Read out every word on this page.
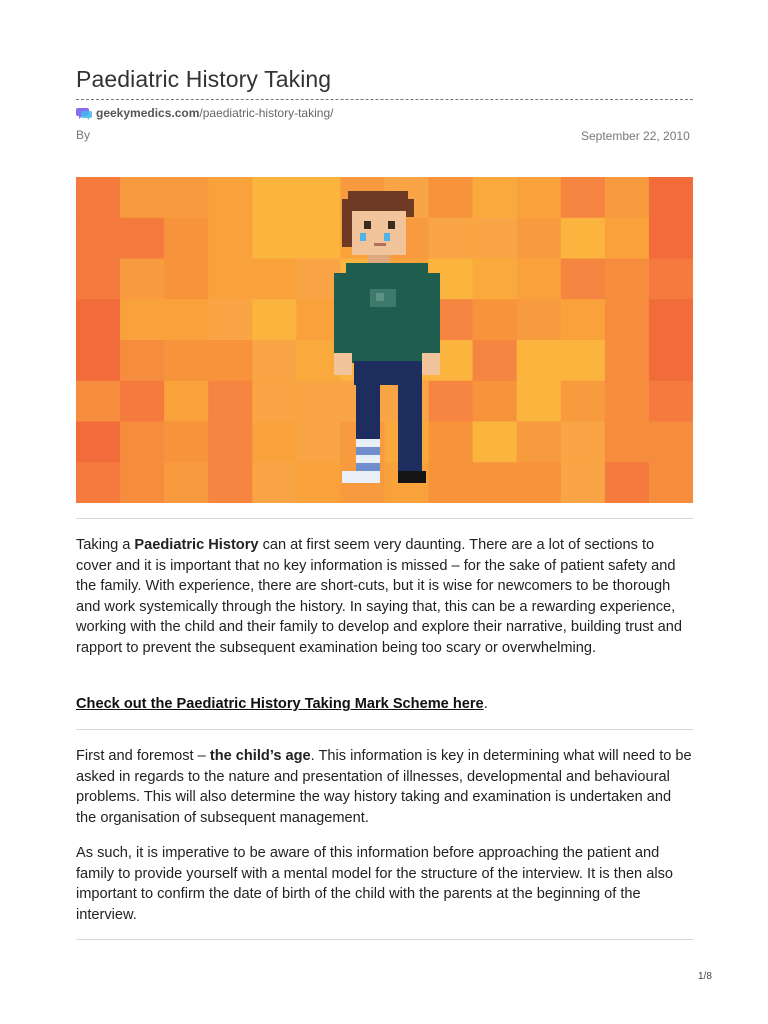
Paediatric History Taking
geekymedics.com /paediatric-history-taking/
By	September 22, 2010

Taking a Paediatric History can at first seem very daunting. There are a lot of sections to cover and it is important that no key information is missed – for the sake of patient safety and the family. With experience, there are short-cuts, but it is wise for newcomers to be thorough and work systemically through the history. In saying that, this can be a rewarding experience, working with the child and their family to develop and explore their narrative, building trust and rapport to prevent the subsequent examination being too scary or overwhelming.

Check out the Paediatric History Taking Mark Scheme here.

First and foremost – the child’s age. This information is key in determining what will need to be asked in regards to the nature and presentation of illnesses, developmental and behavioural problems. This will also determine the way history taking and examination is undertaken and the organisation of subsequent management.

As such, it is imperative to be aware of this information before approaching the patient and family to provide yourself with a mental model for the structure of the interview. It is then also important to confirm the date of birth of the child with the parents at the beginning of the interview.

1/8
